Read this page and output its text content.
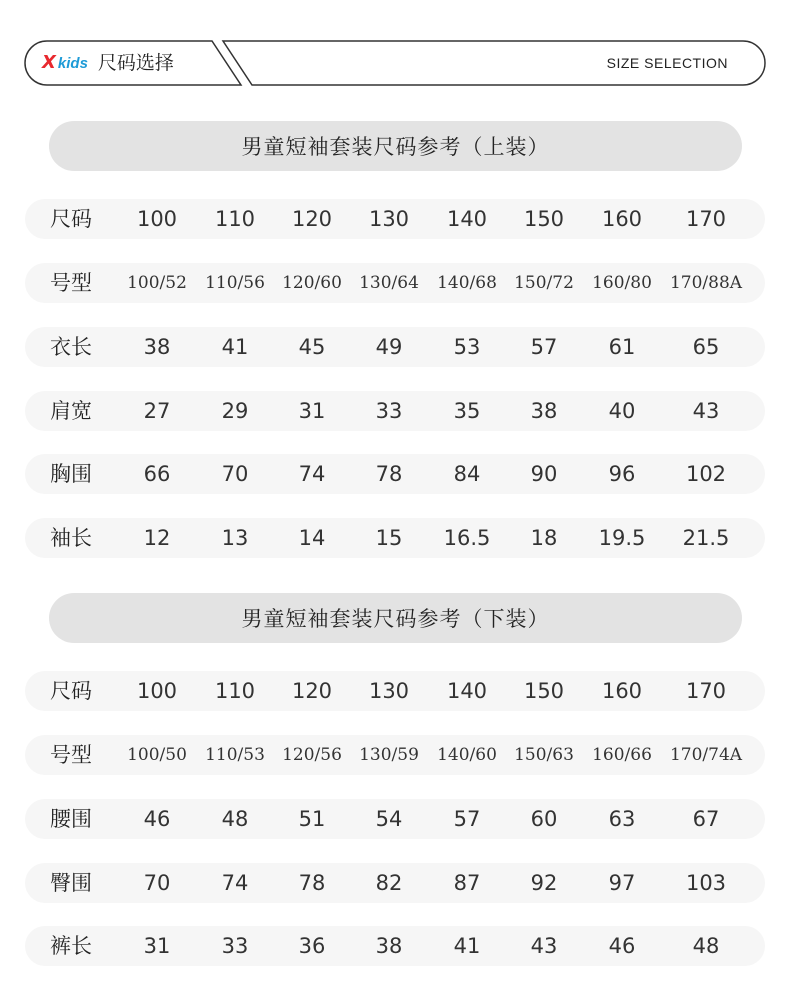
X kids 尺码选择	SIZE SELECTION
男童短袖套装尺码参考（上装）
尺码	100	110	120	130	140	150	160	170
号型	100/52	110/56	120/60	130/64	140/68	150/72	160/80	170/88A
衣长	38	41	45	49	53	57	61	65
肩宽	27	29	31	33	35	38	40	43
胸围	66	70	74	78	84	90	96	102
袖长	12	13	14	15	16.5	18	19.5	21.5
男童短袖套装尺码参考（下装）
尺码	100	110	120	130	140	150	160	170
号型	100/50	110/53	120/56	130/59	140/60	150/63	160/66	170/74A
腰围	46	48	51	54	57	60	63	67
臀围	70	74	78	82	87	92	97	103
裤长	31	33	36	38	41	43	46	48
